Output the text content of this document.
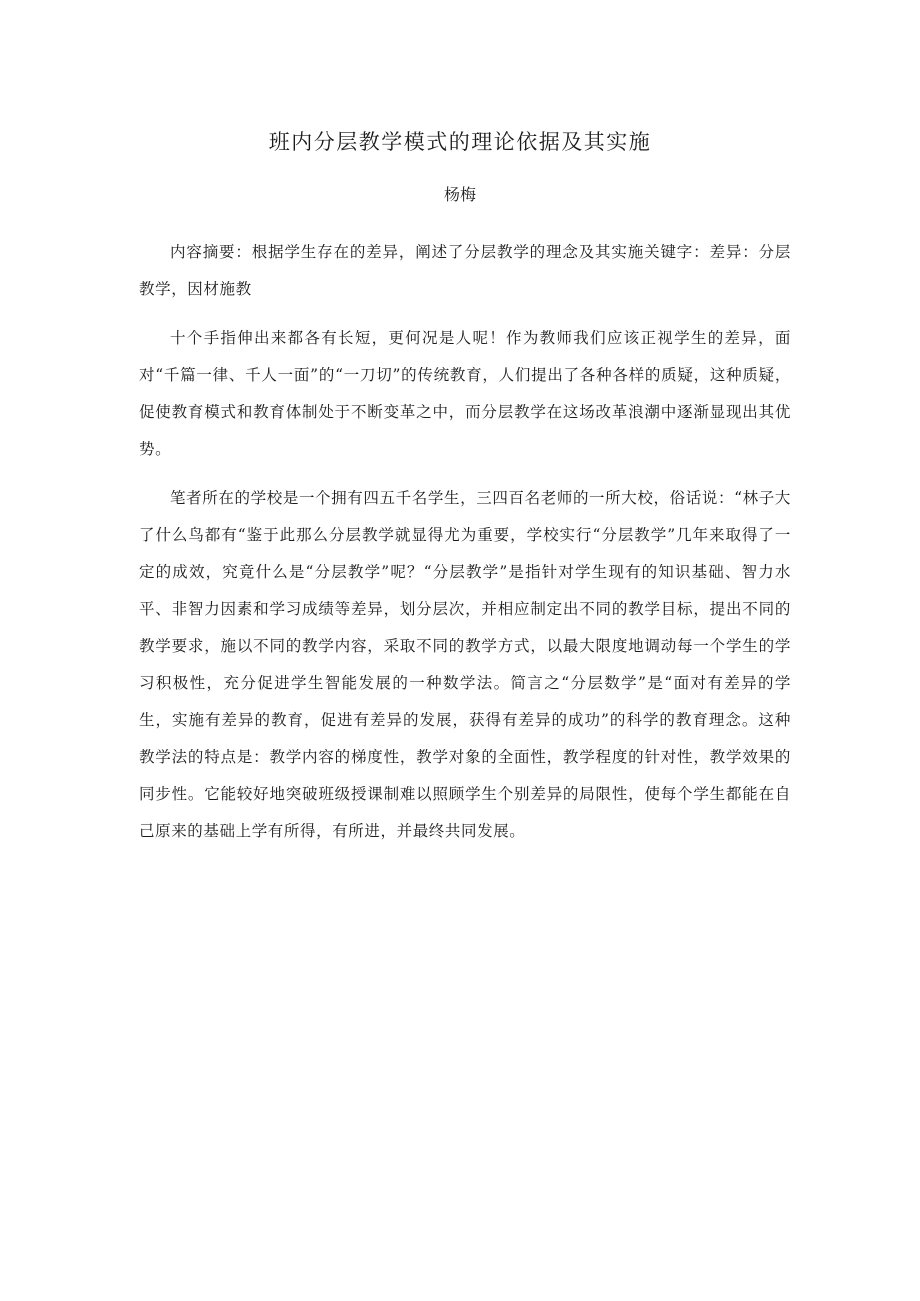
班内分层教学模式的理论依据及其实施
杨梅

内容摘要：根据学生存在的差异，阐述了分层教学的理念及其实施关键字：差异：分层教学，因材施教

十个手指伸出来都各有长短，更何况是人呢！作为教师我们应该正视学生的差异，面对“千篇一律、千人一面”的“一刀切”的传统教育，人们提出了各种各样的质疑，这种质疑，促使教育模式和教育体制处于不断变革之中，而分层教学在这场改革浪潮中逐渐显现出其优势。

笔者所在的学校是一个拥有四五千名学生，三四百名老师的一所大校，俗话说：“林子大了什么鸟都有“鉴于此那么分层教学就显得尤为重要，学校实行“分层教学”几年来取得了一定的成效，究竟什么是“分层教学”呢？“分层教学”是指针对学生现有的知识基础、智力水平、非智力因素和学习成绩等差异，划分层次，并相应制定出不同的教学目标，提出不同的教学要求，施以不同的教学内容，采取不同的教学方式，以最大限度地调动每一个学生的学习积极性，充分促进学生智能发展的一种数学法。简言之“分层数学”是“面对有差异的学生，实施有差异的教育，促进有差异的发展，获得有差异的成功”的科学的教育理念。这种教学法的特点是：教学内容的梯度性，教学对象的全面性，教学程度的针对性，教学效果的同步性。它能较好地突破班级授课制难以照顾学生个别差异的局限性，使每个学生都能在自己原来的基础上学有所得，有所进，并最终共同发展。
